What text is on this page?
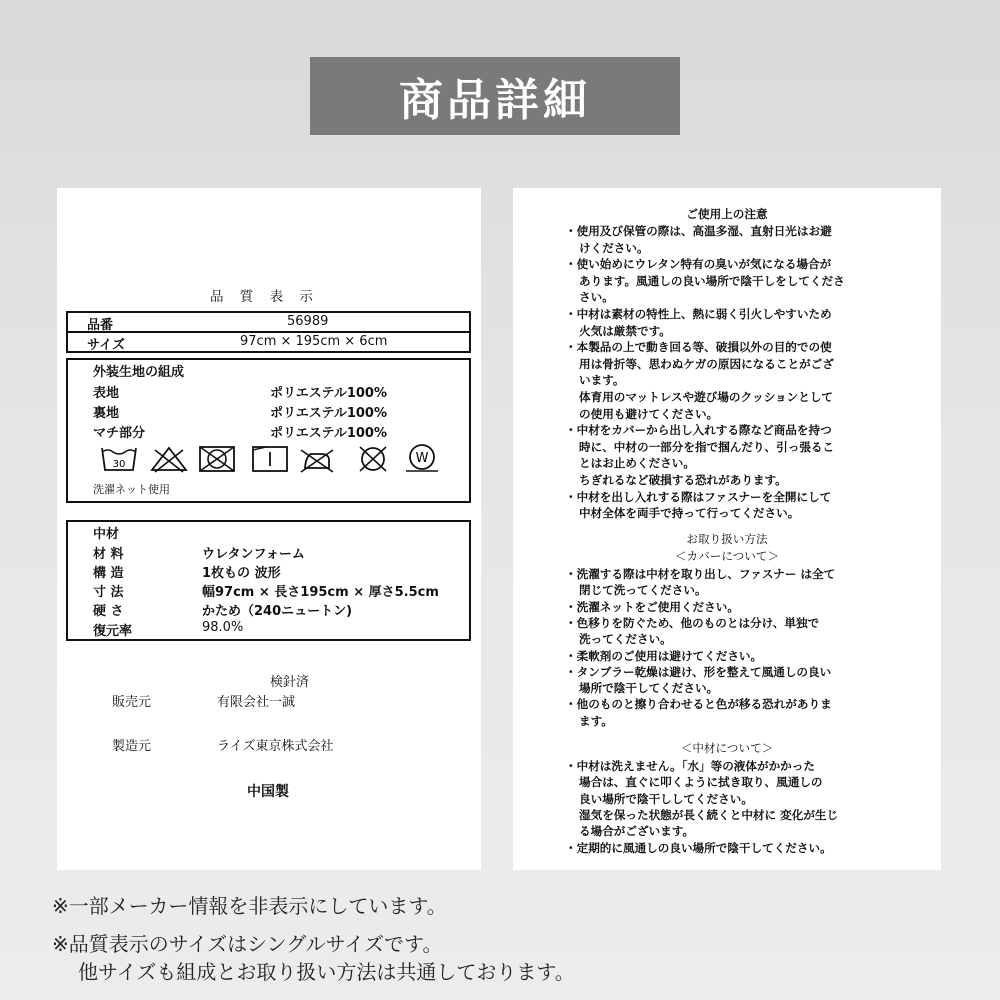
商品詳細
品 質 表 示
品番	56989
サイズ	97cm × 195cm × 6cm
外装生地の組成
表地	ポリエステル100%
裏地	ポリエステル100%
マチ部分	ポリエステル100%
30	W
洗濯ネット使用
中材
材 料	ウレタンフォーム
構 造	1枚もの 波形
寸 法	幅97cm × 長さ195cm × 厚さ5.5cm
硬 さ	かため（240ニュートン)
復元率	98.0%
検針済
販売元	有限会社一誠
製造元	ライズ東京株式会社
中国製
ご使用上の注意
・使用及び保管の際は、高温多湿、直射日光はお避
けください。
・使い始めにウレタン特有の臭いが気になる場合が
あります。風通しの良い場所で陰干しをしてくださ
さい。
・中材は素材の特性上、熱に弱く引火しやすいため
火気は厳禁です。
・本製品の上で動き回る等、破損以外の目的での使
用は骨折等、思わぬケガの原因になることがござ
います。
体育用のマットレスや遊び場のクッションとして
の使用も避けてください。
・中材をカバーから出し入れする際など商品を持つ
時に、中材の一部分を指で掴んだり、引っ張るこ
とはお止めください。
ちぎれるなど破損する恐れがあります。
・中材を出し入れする際はファスナーを全開にして
中材全体を両手で持って行ってください。
お取り扱い方法
＜カバーについて＞
・洗濯する際は中材を取り出し、ファスナー は全て
閉じて洗ってください。
・洗濯ネットをご使用ください。
・色移りを防ぐため、他のものとは分け、単独で
洗ってください。
・柔軟剤のご使用は避けてください。
・タンブラー乾燥は避け、形を整えて風通しの良い
場所で陰干してください。
・他のものと擦り合わせると色が移る恐れがありま
ます。
＜中材について＞
・中材は洗えません。「水」等の液体がかかった
場合は、直ぐに叩くように拭き取り、風通しの
良い場所で陰干ししてください。
湿気を保った状態が長く続くと中材に 変化が生じ
る場合がございます。
・定期的に風通しの良い場所で陰干してください。
※一部メーカー情報を非表示にしています。
※品質表示のサイズはシングルサイズです。
他サイズも組成とお取り扱い方法は共通しております。
